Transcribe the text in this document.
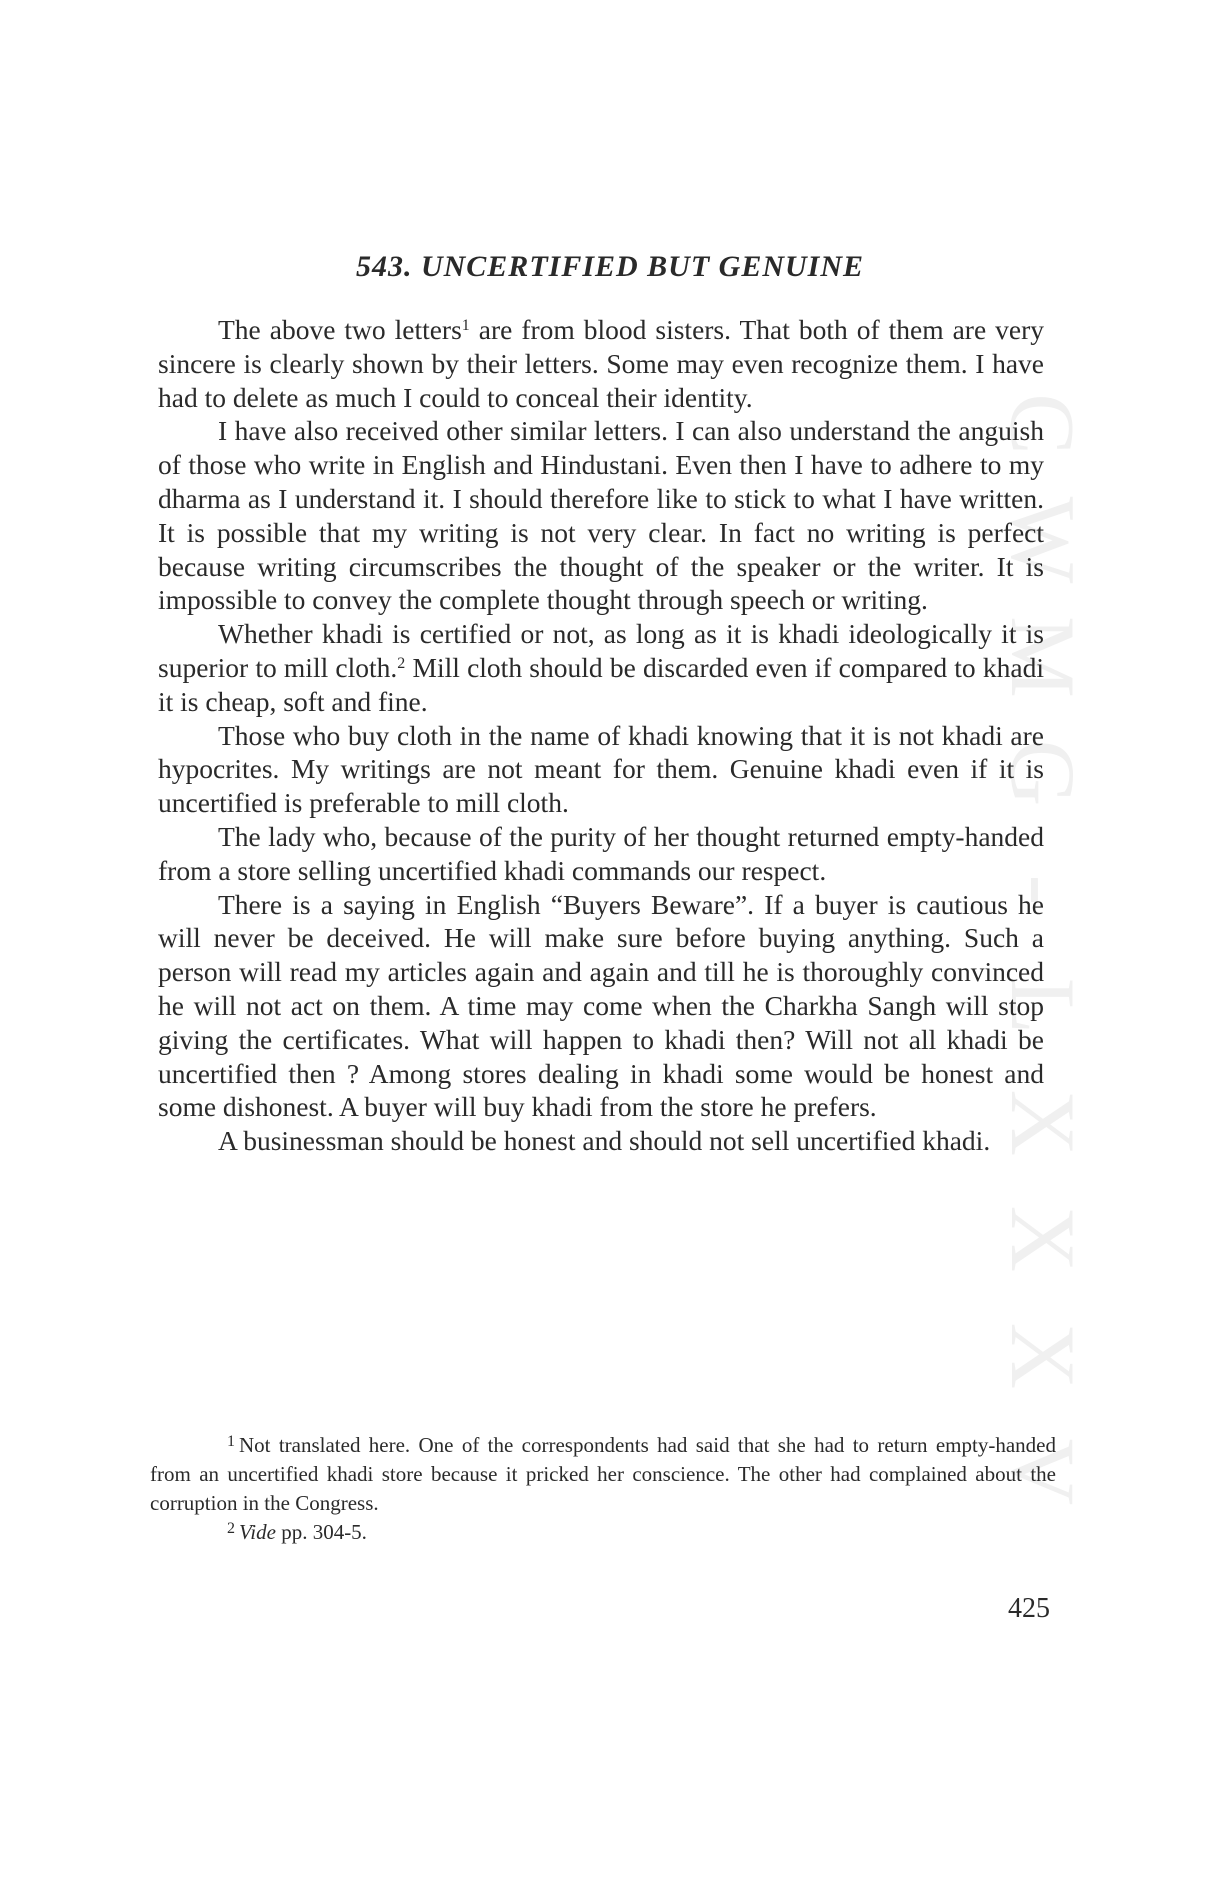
C
W
M
G
-
L
X
X
X
V
543. UNCERTIFIED BUT GENUINE

The above two letters$^1$ are from blood sisters. That both of them are very sincere is clearly shown by their letters. Some may even recognize them. I have had to delete as much I could to conceal their identity.

I have also received other similar letters. I can also understand the anguish of those who write in English and Hindustani. Even then I have to adhere to my dharma as I understand it. I should therefore like to stick to what I have written. It is possible that my writing is not very clear. In fact no writing is perfect because writing circumscribes the thought of the speaker or the writer. It is impossible to convey the complete thought through speech or writing.

Whether khadi is certified or not, as long as it is khadi ideologically it is superior to mill cloth.$^2$ Mill cloth should be discarded even if compared to khadi it is cheap, soft and fine.

Those who buy cloth in the name of khadi knowing that it is not khadi are hypocrites. My writings are not meant for them. Genuine khadi even if it is uncertified is preferable to mill cloth.

The lady who, because of the purity of her thought returned empty-handed from a store selling uncertified khadi commands our respect.

There is a saying in English “Buyers Beware”. If a buyer is cautious he will never be deceived. He will make sure before buying anything. Such a person will read my articles again and again and till he is thoroughly convinced he will not act on them. A time may come when the Charkha Sangh will stop giving the certificates. What will happen to khadi then? Will not all khadi be uncertified then ? Among stores dealing in khadi some would be honest and some dishonest. A buyer will buy khadi from the store he prefers.

A businessman should be honest and should not sell uncertified khadi.

$^1$ Not translated here. One of the correspondents had said that she had to return empty-handed from an uncertified khadi store because it pricked her conscience. The other had complained about the corruption in the Congress.

$^2$ Vide pp. 304-5.

425
